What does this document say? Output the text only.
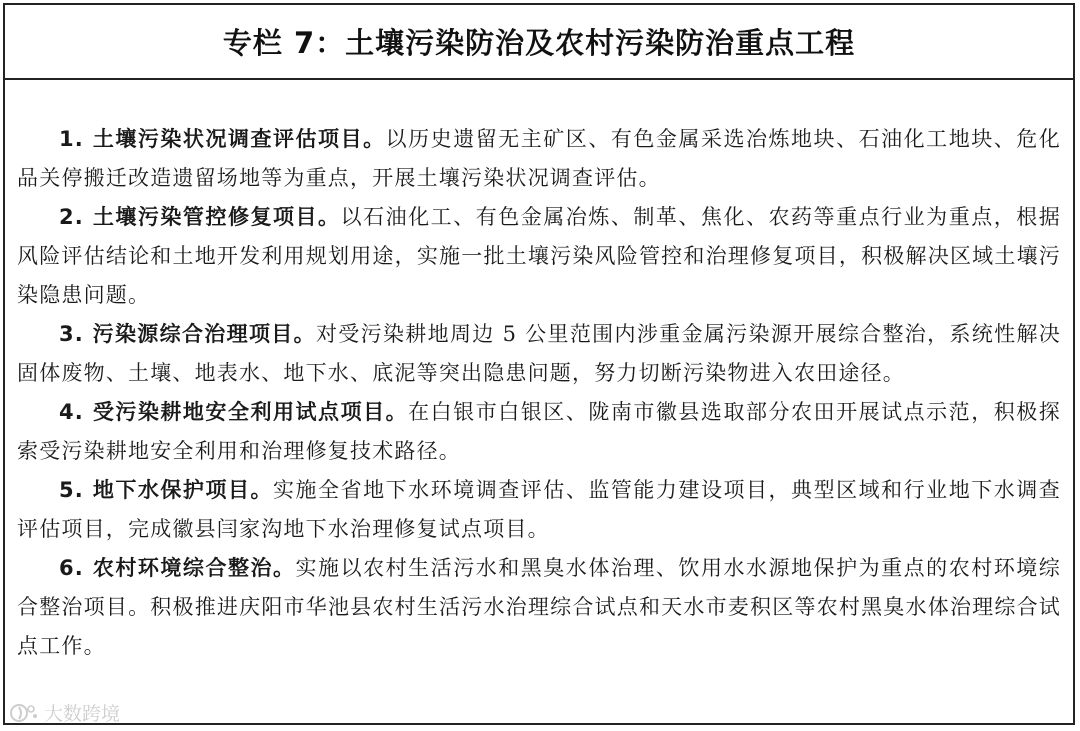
专栏 7：土壤污染防治及农村污染防治重点工程

1. 土壤污染状况调查评估项目。以历史遗留无主矿区、有色金属采选冶炼地块、石油化工地块、危化品关停搬迁改造遗留场地等为重点，开展土壤污染状况调查评估。

2. 土壤污染管控修复项目。以石油化工、有色金属冶炼、制革、焦化、农药等重点行业为重点，根据风险评估结论和土地开发利用规划用途，实施一批土壤污染风险管控和治理修复项目，积极解决区域土壤污染隐患问题。

3. 污染源综合治理项目。对受污染耕地周边 5 公里范围内涉重金属污染源开展综合整治，系统性解决固体废物、土壤、地表水、地下水、底泥等突出隐患问题，努力切断污染物进入农田途径。

4. 受污染耕地安全利用试点项目。在白银市白银区、陇南市徽县选取部分农田开展试点示范，积极探索受污染耕地安全利用和治理修复技术路径。

5. 地下水保护项目。实施全省地下水环境调查评估、监管能力建设项目，典型区域和行业地下水调查评估项目，完成徽县闫家沟地下水治理修复试点项目。

6. 农村环境综合整治。实施以农村生活污水和黑臭水体治理、饮用水水源地保护为重点的农村环境综合整治项目。积极推进庆阳市华池县农村生活污水治理综合试点和天水市麦积区等农村黑臭水体治理综合试点工作。

大数跨境
